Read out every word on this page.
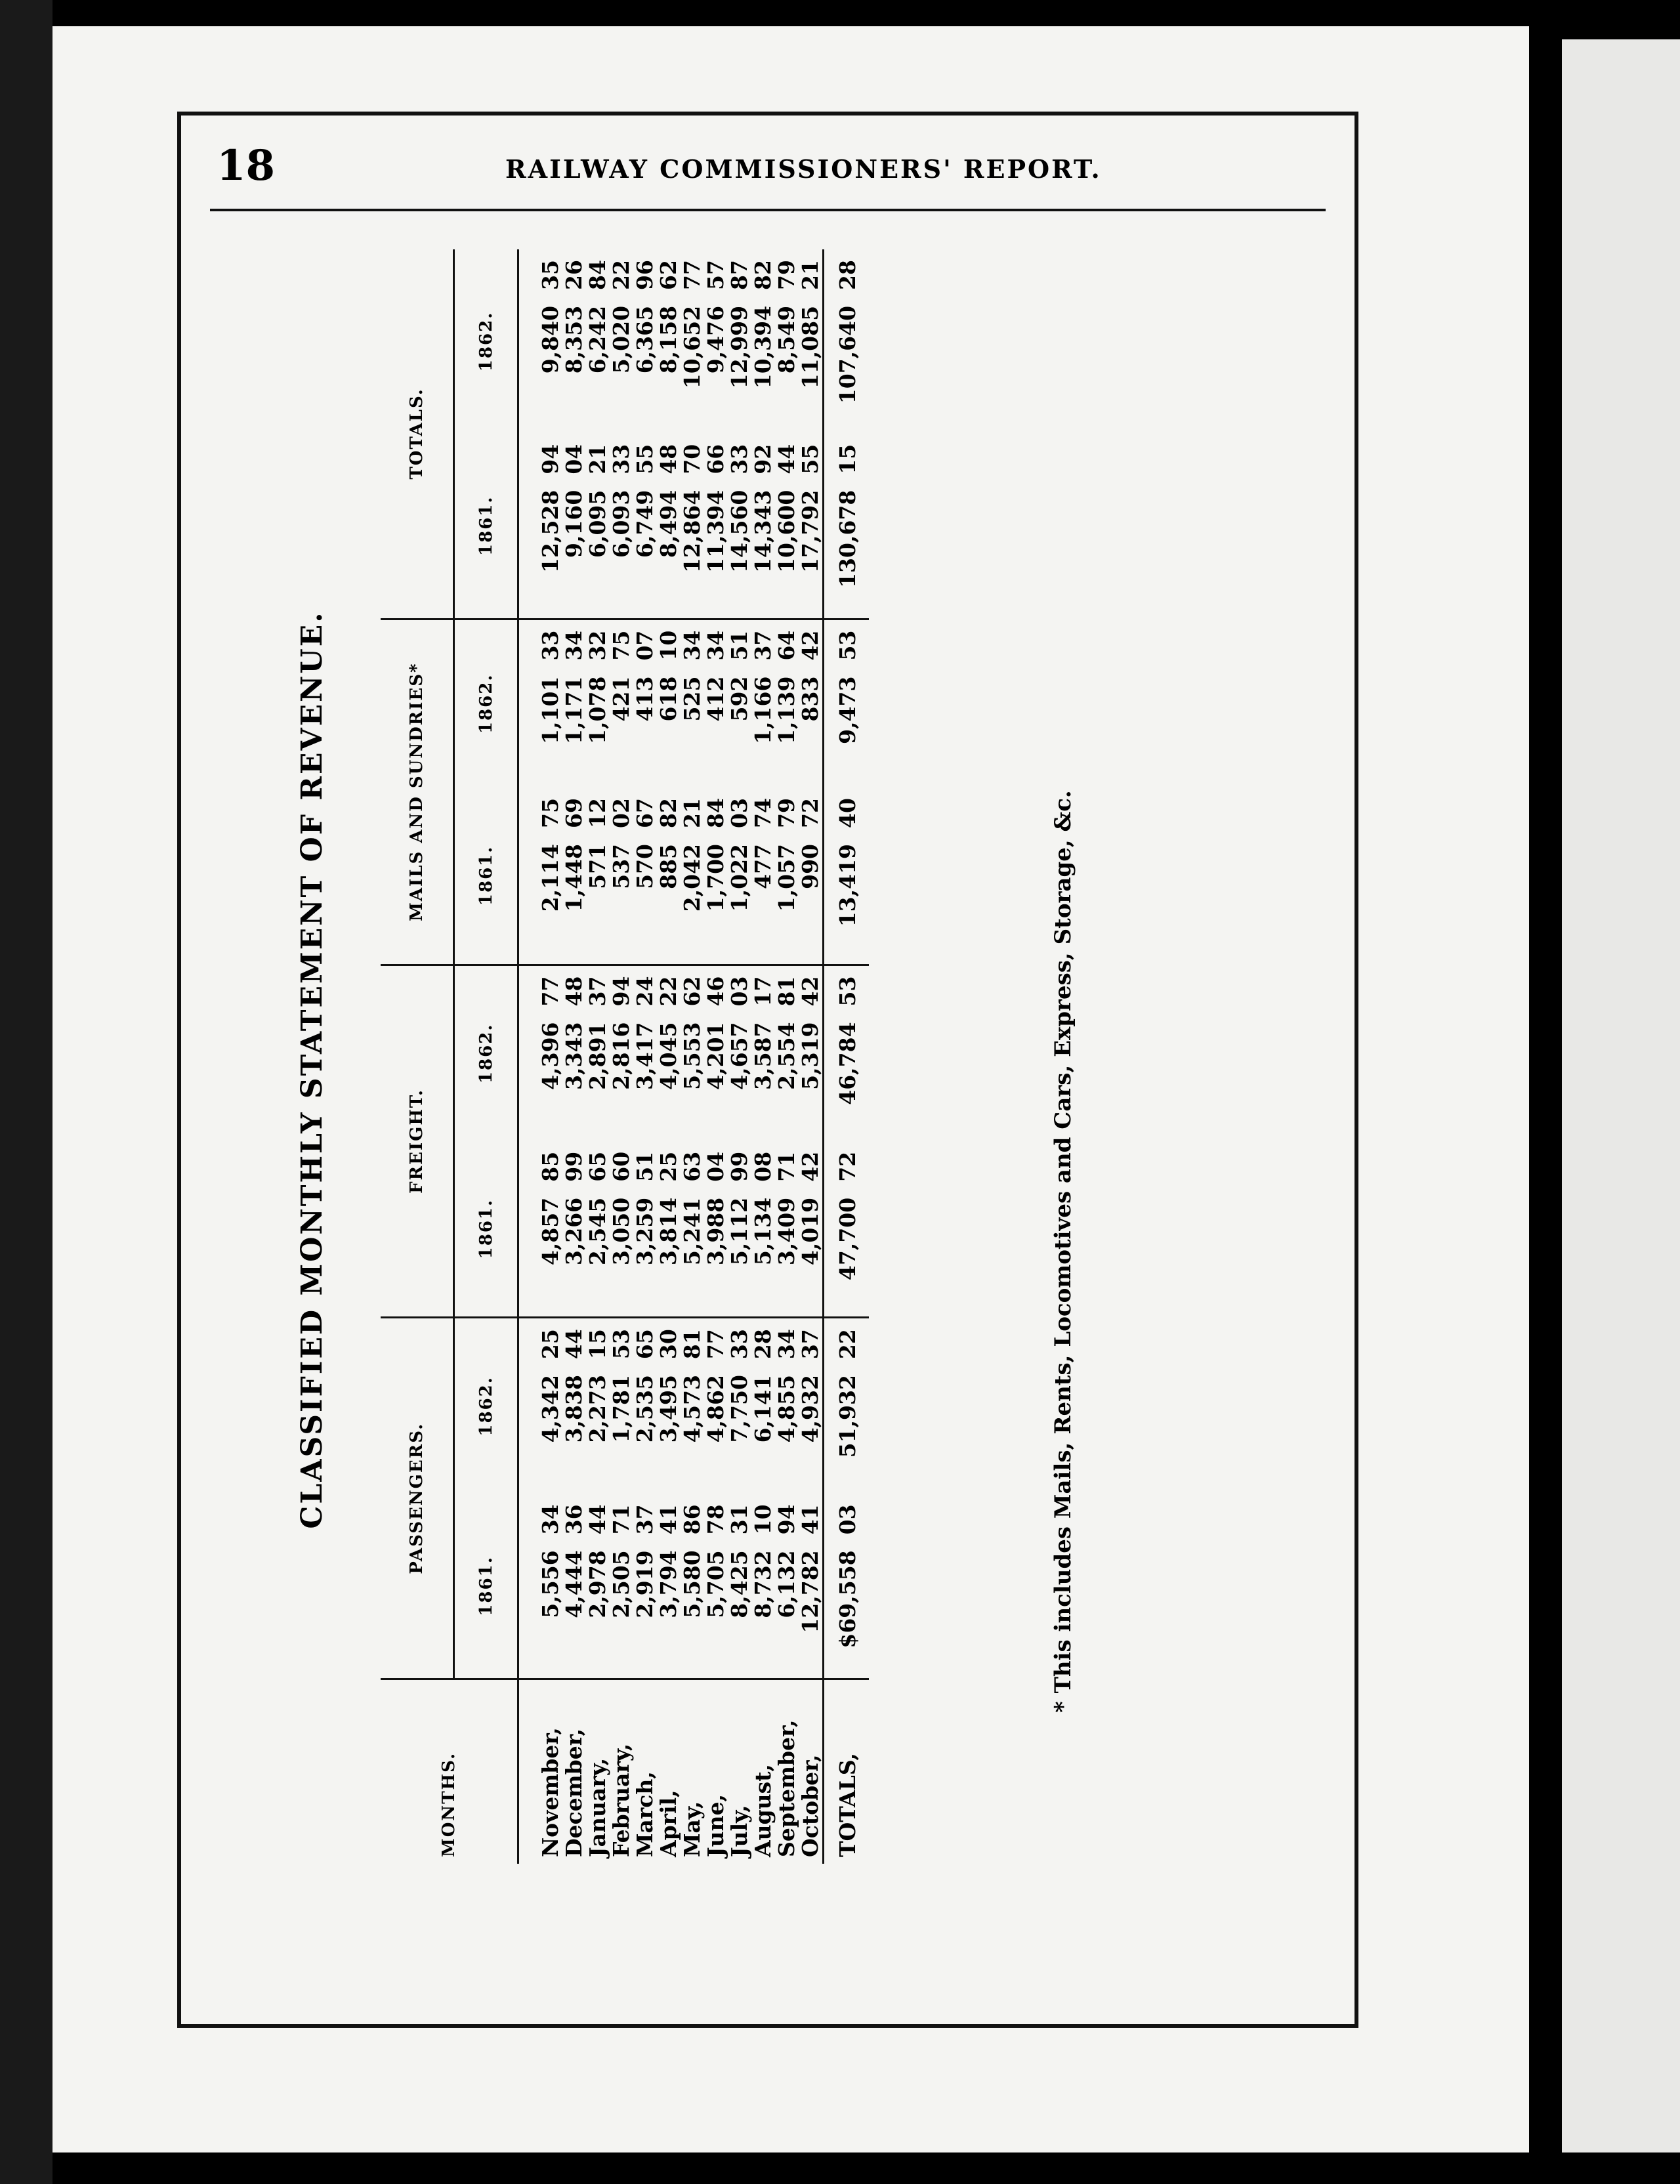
18	RAILWAY COMMISSIONERS' REPORT.
CLASSIFIED MONTHLY STATEMENT OF REVENUE.
MONTHS.	PASSENGERS.				FREIGHT.				MAILS AND SUNDRIES*				TOTALS.			
	1861.		1862.		1861.		1862.		1861.		1862.		1861.		1862.	
November,	5,556	34	4,342	25	4,857	85	4,396	77	2,114	75	1,101	33	12,528	94	9,840	35
December,	4,444	36	3,838	44	3,266	99	3,343	48	1,448	69	1,171	34	9,160	04	8,353	26
January,	2,978	44	2,273	15	2,545	65	2,891	37	571	12	1,078	32	6,095	21	6,242	84
February,	2,505	71	1,781	53	3,050	60	2,816	94	537	02	421	75	6,093	33	5,020	22
March,	2,919	37	2,535	65	3,259	51	3,417	24	570	67	413	07	6,749	55	6,365	96
April,	3,794	41	3,495	30	3,814	25	4,045	22	885	82	618	10	8,494	48	8,158	62
May,	5,580	86	4,573	81	5,241	63	5,553	62	2,042	21	525	34	12,864	70	10,652	77
June,	5,705	78	4,862	77	3,988	04	4,201	46	1,700	84	412	34	11,394	66	9,476	57
July,	8,425	31	7,750	33	5,112	99	4,657	03	1,022	03	592	51	14,560	33	12,999	87
August,	8,732	10	6,141	28	5,134	08	3,587	17	477	74	1,166	37	14,343	92	10,394	82
September,	6,132	94	4,855	34	3,409	71	2,554	81	1,057	79	1,139	64	10,600	44	8,549	79
October,	12,782	41	4,932	37	4,019	42	5,319	42	990	72	833	42	17,792	55	11,085	21
TOTALS,	$69,558	03	51,932	22	47,700	72	46,784	53	13,419	40	9,473	53	130,678	15	107,640	28
* This includes Mails, Rents, Locomotives and Cars, Express, Storage, &c.
